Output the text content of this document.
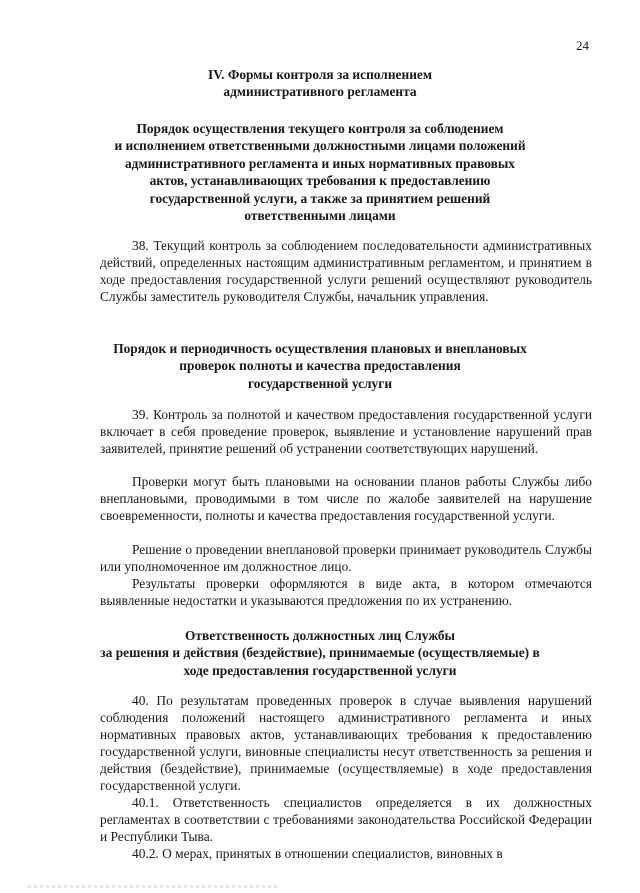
24
IV. Формы контроля за исполнением
административного регламента
Порядок осуществления текущего контроля за соблюдением
и исполнением ответственными должностными лицами положений
административного регламента и иных нормативных правовых
актов, устанавливающих требования к предоставлению
государственной услуги, а также за принятием решений
ответственными лицами
38. Текущий контроль за соблюдением последовательности административных действий, определенных настоящим административным регламентом, и принятием в ходе предоставления государственной услуги решений осуществляют руководитель Службы заместитель руководителя Службы, начальник управления.
Порядок и периодичность осуществления плановых и внеплановых
проверок полноты и качества предоставления
государственной услуги
39. Контроль за полнотой и качеством предоставления государственной услуги включает в себя проведение проверок, выявление и установление нарушений прав заявителей, принятие решений об устранении соответствующих нарушений.
Проверки могут быть плановыми на основании планов работы Службы либо внеплановыми, проводимыми в том числе по жалобе заявителей на нарушение своевременности, полноты и качества предоставления государственной услуги.
Решение о проведении внеплановой проверки принимает руководитель Службы или уполномоченное им должностное лицо.
Результаты проверки оформляются в виде акта, в котором отмечаются выявленные недостатки и указываются предложения по их устранению.
Ответственность должностных лиц Службы
за решения и действия (бездействие), принимаемые (осуществляемые) в
ходе предоставления государственной услуги
40. По результатам проведенных проверок в случае выявления нарушений соблюдения положений настоящего административного регламента и иных нормативных правовых актов, устанавливающих требования к предоставлению государственной услуги, виновные специалисты несут ответственность за решения и действия (бездействие), принимаемые (осуществляемые) в ходе предоставления государственной услуги.
40.1. Ответственность специалистов определяется в их должностных регламентах в соответствии с требованиями законодательства Российской Федерации и Республики Тыва.
40.2. О мерах, принятых в отношении специалистов, виновных в
